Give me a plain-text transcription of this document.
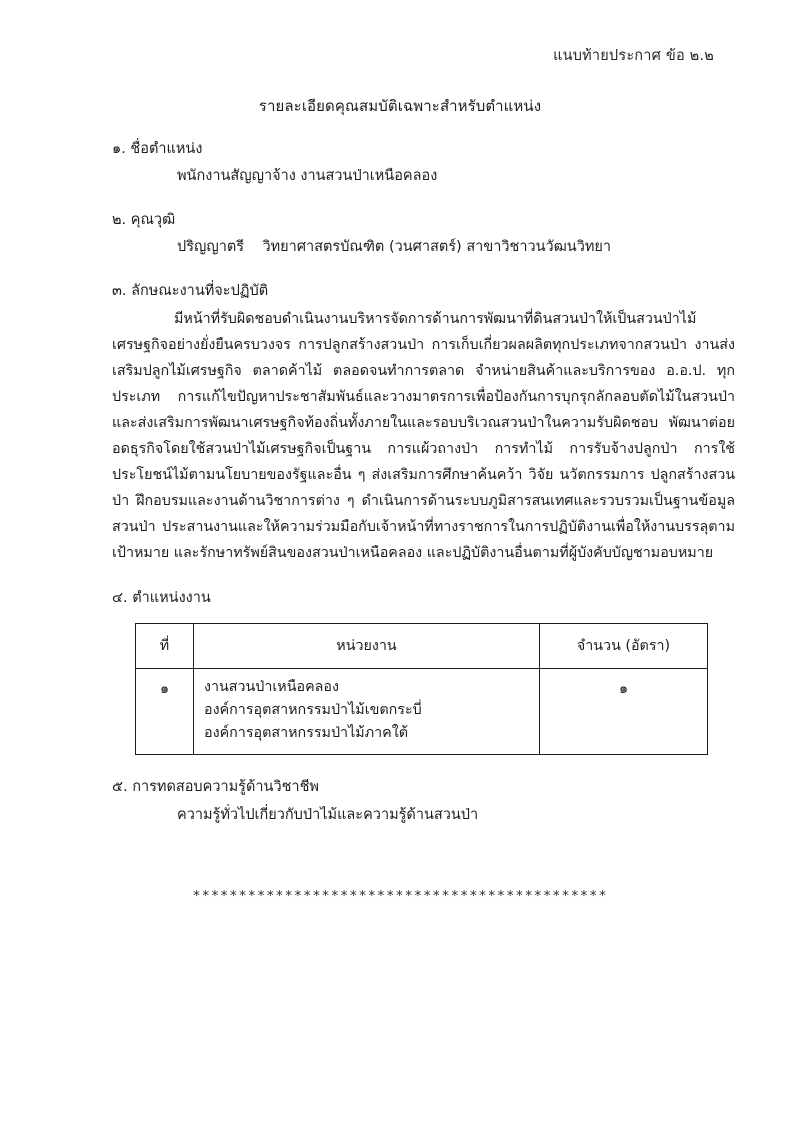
แนบท้ายประกาศ ข้อ ๒.๒
รายละเอียดคุณสมบัติเฉพาะสำหรับตำแหน่ง
๑. ชื่อตำแหน่ง
พนักงานสัญญาจ้าง งานสวนป่าเหนือคลอง
๒. คุณวุฒิ
ปริญญาตรี    วิทยาศาสตรบัณฑิต (วนศาสตร์) สาขาวิชาวนวัฒนวิทยา
๓. ลักษณะงานที่จะปฏิบัติ
มีหน้าที่รับผิดชอบดำเนินงานบริหารจัดการด้านการพัฒนาที่ดินสวนป่าให้เป็นสวนป่าไม้เศรษฐกิจอย่างยั่งยืนครบวงจร การปลูกสร้างสวนป่า การเก็บเกี่ยวผลผลิตทุกประเภทจากสวนป่า งานส่งเสริมปลูกไม้เศรษฐกิจ ตลาดค้าไม้ ตลอดจนทำการตลาด จำหน่ายสินค้าและบริการของ อ.อ.ป. ทุกประเภท การแก้ไขปัญหาประชาสัมพันธ์และวางมาตรการเพื่อป้องกันการบุกรุกลักลอบตัดไม้ในสวนป่า และส่งเสริมการพัฒนาเศรษฐกิจท้องถิ่นทั้งภายในและรอบบริเวณสวนป่าในความรับผิดชอบ พัฒนาต่อยอดธุรกิจโดยใช้สวนป่าไม้เศรษฐกิจเป็นฐาน การแผ้วถางป่า การทำไม้ การรับจ้างปลูกป่า การใช้ประโยชน์ไม้ตามนโยบายของรัฐและอื่น ๆ ส่งเสริมการศึกษาค้นคว้า วิจัย นวัตกรรมการ ปลูกสร้างสวนป่า ฝึกอบรมและงานด้านวิชาการต่าง ๆ ดำเนินการด้านระบบภูมิสารสนเทศและรวบรวมเป็นฐานข้อมูลสวนป่า ประสานงานและให้ความร่วมมือกับเจ้าหน้าที่ทางราชการในการปฏิบัติงานเพื่อให้งานบรรลุตามเป้าหมาย และรักษาทรัพย์สินของสวนป่าเหนือคลอง และปฏิบัติงานอื่นตามที่ผู้บังคับบัญชามอบหมาย
๔. ตำแหน่งงาน
ที่	หน่วยงาน	จำนวน (อัตรา)
๑	งานสวนป่าเหนือคลอง
องค์การอุตสาหกรรมป่าไม้เขตกระบี่
องค์การอุตสาหกรรมป่าไม้ภาคใต้	๑
๕. การทดสอบความรู้ด้านวิชาชีพ
ความรู้ทั่วไปเกี่ยวกับป่าไม้และความรู้ด้านสวนป่า
*********************************************
